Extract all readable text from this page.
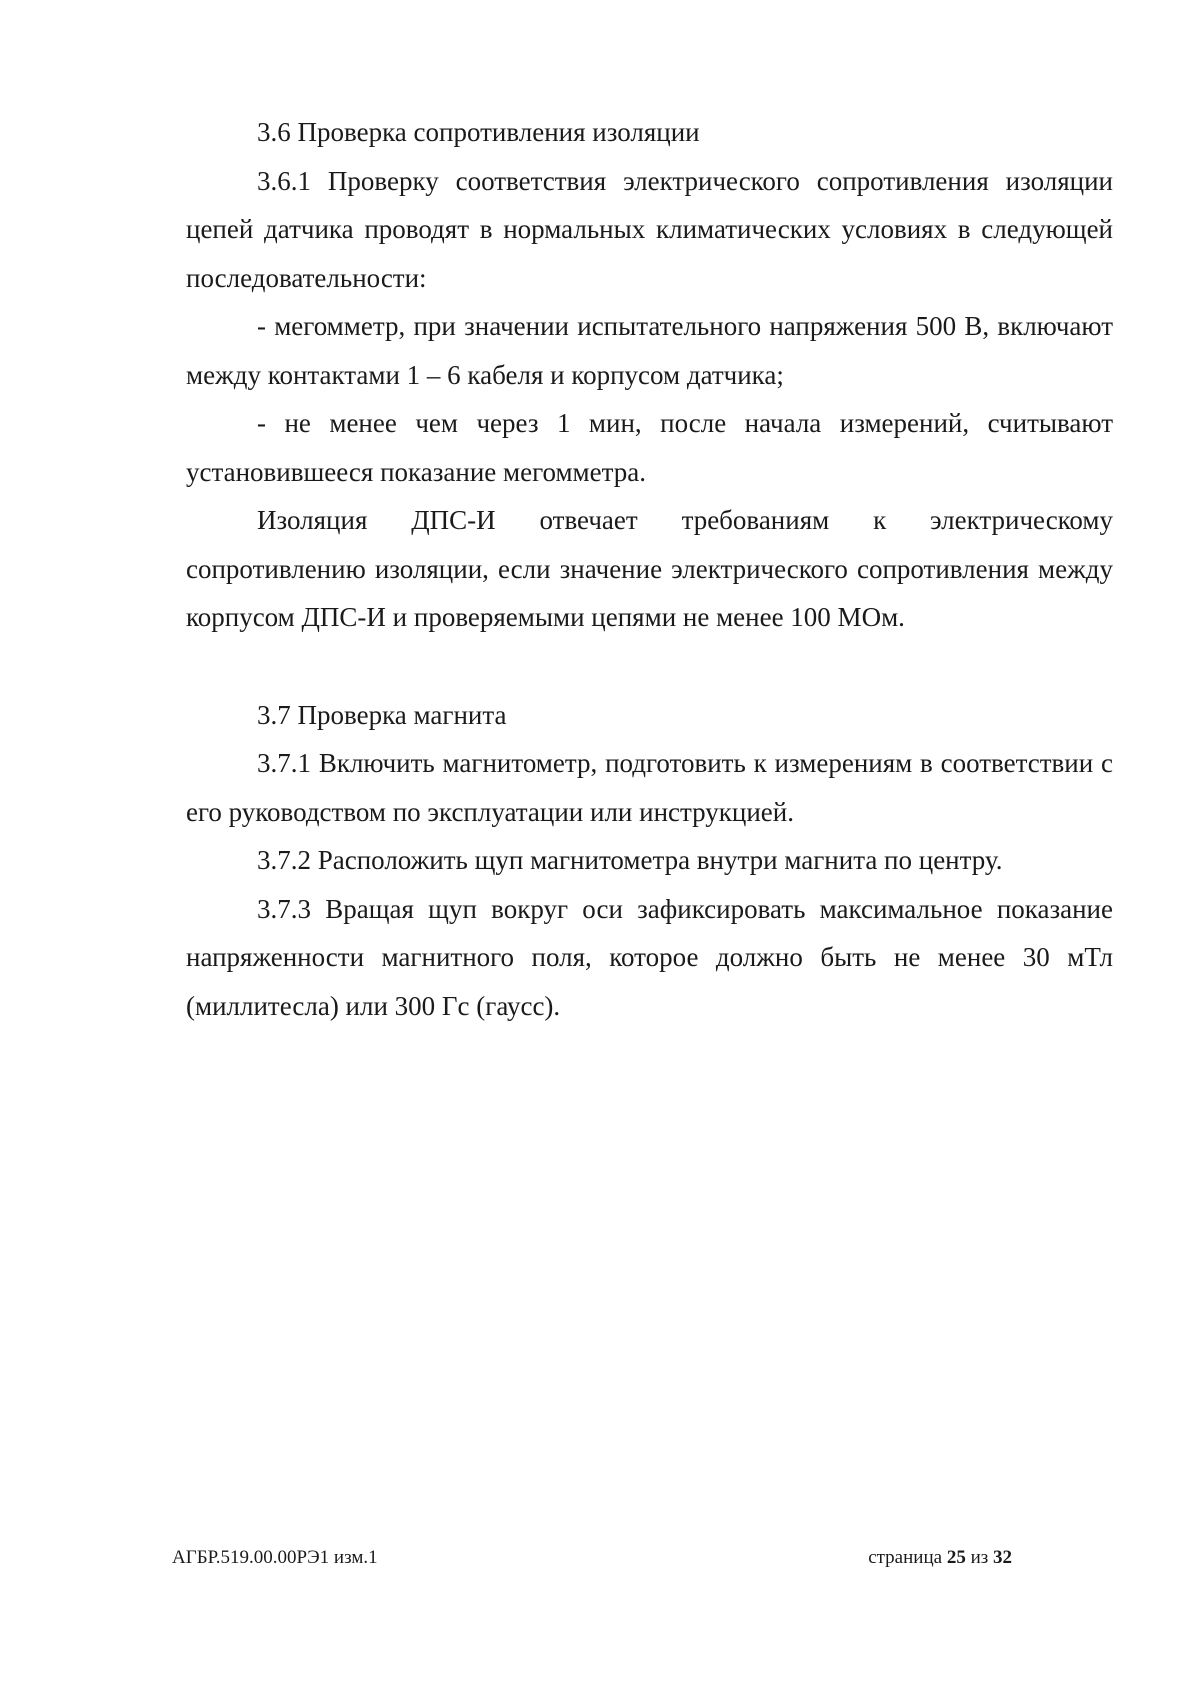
3.6 Проверка сопротивления изоляции

3.6.1 Проверку соответствия электрического сопротивления изоляции цепей датчика проводят в нормальных климатических условиях в следующей последовательности:

- мегомметр, при значении испытательного напряжения 500 В, включают между контактами 1 – 6 кабеля и корпусом датчика;

- не менее чем через 1 мин, после начала измерений, считывают установившееся показание мегомметра.

Изоляция ДПС-И отвечает требованиям к электрическому сопротивлению изоляции, если значение электрического сопротивления между корпусом ДПС-И и проверяемыми цепями не менее 100 МОм.

3.7 Проверка магнита

3.7.1 Включить магнитометр, подготовить к измерениям в соответствии с его руководством по эксплуатации или инструкцией.

3.7.2 Расположить щуп магнитометра внутри магнита по центру.

3.7.3 Вращая щуп вокруг оси зафиксировать максимальное показание напряженности магнитного поля, которое должно быть не менее 30 мТл (миллитесла) или 300 Гс (гаусс).

АГБР.519.00.00РЭ1 изм.1	страница 25 из 32
